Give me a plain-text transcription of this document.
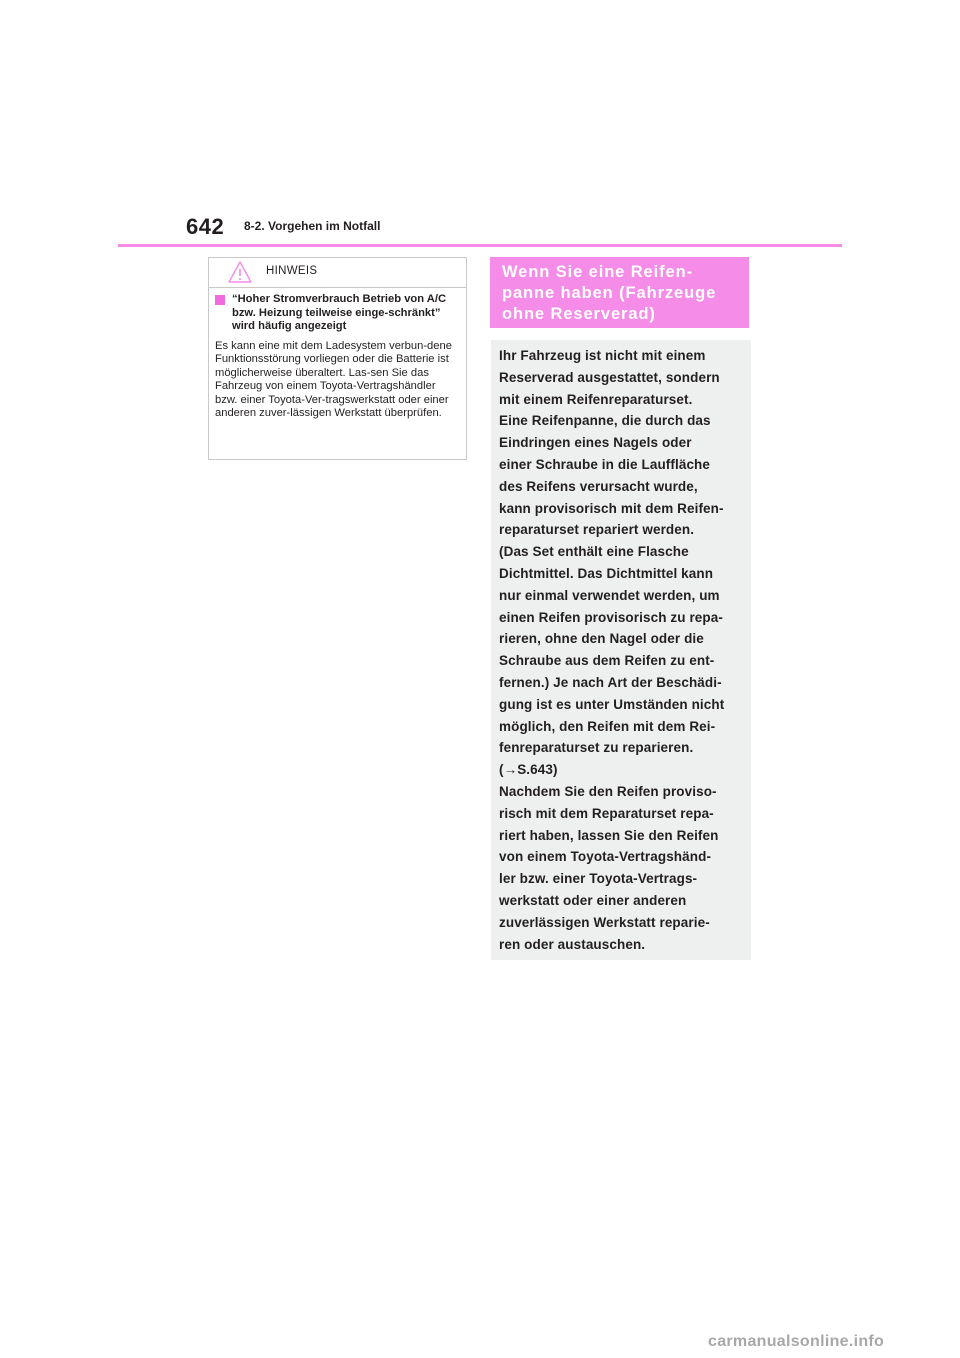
642 8-2. Vorgehen im Notfall
HINWEIS
“Hoher Stromverbrauch Betrieb von A/C bzw. Heizung teilweise einge-schränkt” wird häufig angezeigt
Es kann eine mit dem Ladesystem verbun-dene Funktionsstörung vorliegen oder die Batterie ist möglicherweise überaltert. Las-sen Sie das Fahrzeug von einem Toyota-Vertragshändler bzw. einer Toyota-Ver-tragswerkstatt oder einer anderen zuver-lässigen Werkstatt überprüfen.
Wenn Sie eine Reifen-panne haben (Fahrzeuge ohne Reserverad)
Ihr Fahrzeug ist nicht mit einem
Reserverad ausgestattet, sondern
mit einem Reifenreparaturset.
Eine Reifenpanne, die durch das
Eindringen eines Nagels oder
einer Schraube in die Lauffläche
des Reifens verursacht wurde,
kann provisorisch mit dem Reifen-
reparaturset repariert werden.
(Das Set enthält eine Flasche
Dichtmittel. Das Dichtmittel kann
nur einmal verwendet werden, um
einen Reifen provisorisch zu repa-
rieren, ohne den Nagel oder die
Schraube aus dem Reifen zu ent-
fernen.) Je nach Art der Beschädi-
gung ist es unter Umständen nicht
möglich, den Reifen mit dem Rei-
fenreparaturset zu reparieren.
(→S.643)
Nachdem Sie den Reifen proviso-
risch mit dem Reparaturset repa-
riert haben, lassen Sie den Reifen
von einem Toyota-Vertragshänd-
ler bzw. einer Toyota-Vertrags-
werkstatt oder einer anderen
zuverlässigen Werkstatt reparie-
ren oder austauschen.
carmanualsonline.info
